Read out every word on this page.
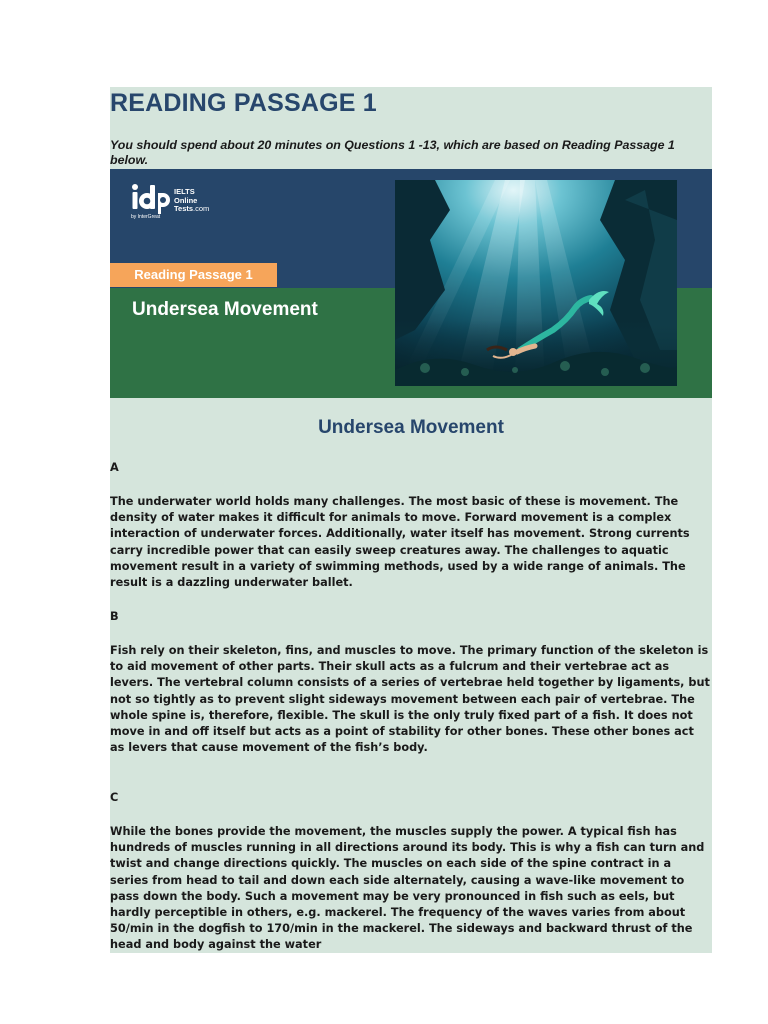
READING PASSAGE 1

You should spend about 20 minutes on Questions 1 -13, which are based on Reading Passage 1 below.

IELTS
Online
Tests.com
by InterGreat
Reading Passage 1
Undersea Movement
Undersea Movement

A

The underwater world holds many challenges. The most basic of these is movement. The density of water makes it difficult for animals to move. Forward movement is a complex interaction of underwater forces. Additionally, water itself has movement. Strong currents carry incredible power that can easily sweep creatures away. The challenges to aquatic movement result in a variety of swimming methods, used by a wide range of animals. The result is a dazzling underwater ballet.

B

Fish rely on their skeleton, fins, and muscles to move. The primary function of the skeleton is to aid movement of other parts. Their skull acts as a fulcrum and their vertebrae act as levers. The vertebral column consists of a series of vertebrae held together by ligaments, but not so tightly as to prevent slight sideways movement between each pair of vertebrae. The whole spine is, therefore, flexible. The skull is the only truly fixed part of a fish. It does not move in and off itself but acts as a point of stability for other bones. These other bones act as levers that cause movement of the fish’s body.

C

While the bones provide the movement, the muscles supply the power. A typical fish has hundreds of muscles running in all directions around its body. This is why a fish can turn and twist and change directions quickly. The muscles on each side of the spine contract in a series from head to tail and down each side alternately, causing a wave-like movement to pass down the body. Such a movement may be very pronounced in fish such as eels, but hardly perceptible in others, e.g. mackerel. The frequency of the waves varies from about 50/min in the dogfish to 170/min in the mackerel. The sideways and backward thrust of the head and body against the water
